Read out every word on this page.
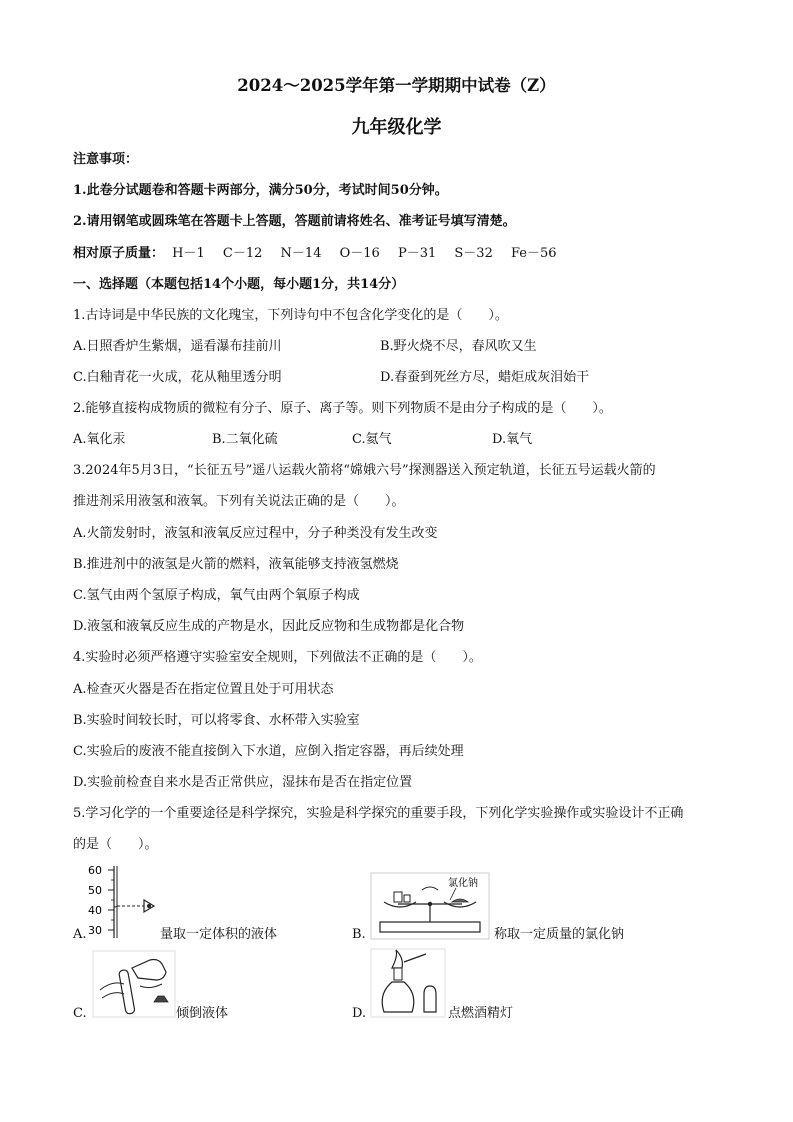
2024～2025学年第一学期期中试卷（Z）
九年级化学
注意事项：
1.此卷分试题卷和答题卡两部分，满分50分，考试时间50分钟。
2.请用钢笔或圆珠笔在答题卡上答题，答题前请将姓名、准考证号填写清楚。
相对原子质量： H－1 C－12 N－14 O－16 P－31 S－32 Fe－56
一、选择题（本题包括14个小题，每小题1分，共14分）
1.古诗词是中华民族的文化瑰宝，下列诗句中不包含化学变化的是（　　）。
A.日照香炉生紫烟，遥看瀑布挂前川	B.野火烧不尽，春风吹又生
C.白釉青花一火成，花从釉里透分明	D.春蚕到死丝方尽，蜡炬成灰泪始干
2.能够直接构成物质的微粒有分子、原子、离子等。则下列物质不是由分子构成的是（　　）。
A.氧化汞	B.二氧化硫	C.氦气	D.氧气
3.2024年5月3日，“长征五号”遥八运载火箭将“嫦娥六号”探测器送入预定轨道，长征五号运载火箭的
推进剂采用液氢和液氧。下列有关说法正确的是（　　）。
A.火箭发射时，液氢和液氧反应过程中，分子种类没有发生改变
B.推进剂中的液氢是火箭的燃料，液氧能够支持液氢燃烧
C.氢气由两个氢原子构成，氧气由两个氧原子构成
D.液氢和液氧反应生成的产物是水，因此反应物和生成物都是化合物
4.实验时必须严格遵守实验室安全规则，下列做法不正确的是（　　）。
A.检查灭火器是否在指定位置且处于可用状态
B.实验时间较长时，可以将零食、水杯带入实验室
C.实验后的废液不能直接倒入下水道，应倒入指定容器，再后续处理
D.实验前检查自来水是否正常供应，湿抹布是否在指定位置
5.学习化学的一个重要途径是科学探究，实验是科学探究的重要手段，下列化学实验操作或实验设计不正确
的是（　　）。
A.
60
50
40
30	量取一定体积的液体	B.
氯化钠
称取一定质量的氯化钠
C.	倾倒液体	D.	点燃酒精灯
